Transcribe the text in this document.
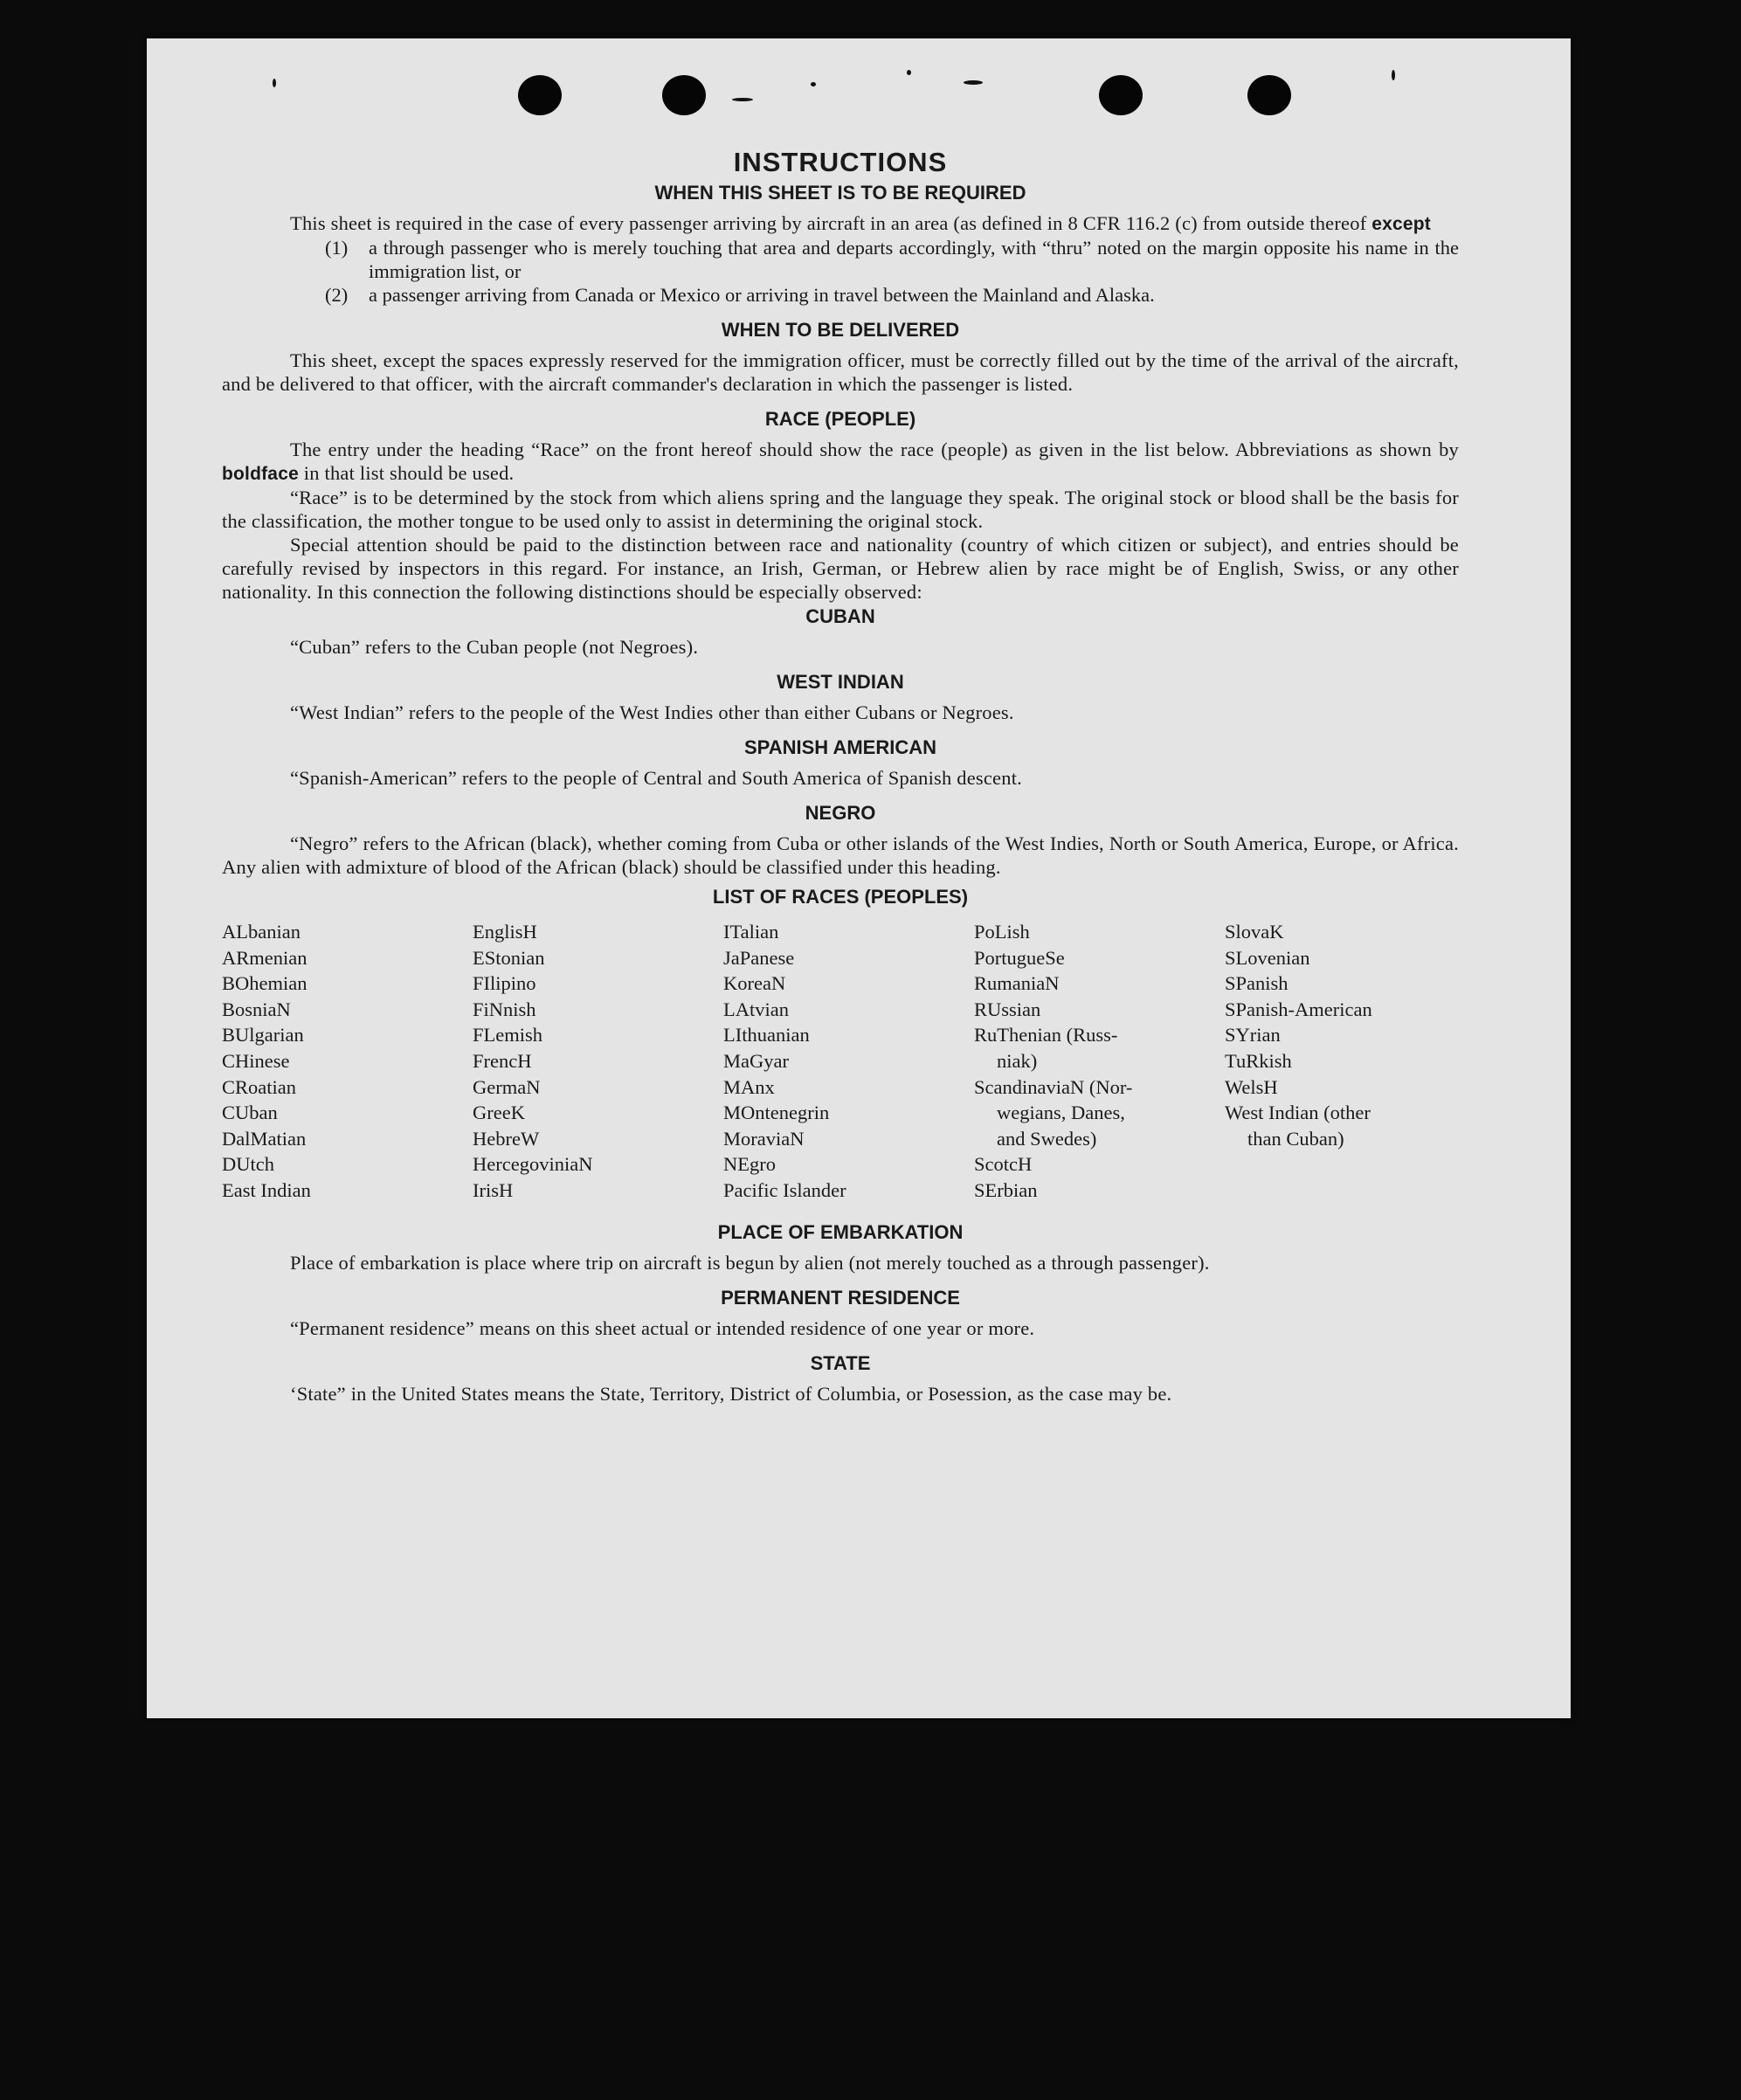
INSTRUCTIONS
WHEN THIS SHEET IS TO BE REQUIRED

This sheet is required in the case of every passenger arriving by aircraft in an area (as defined in 8 CFR 116.2 (c) from outside thereof except

(1)	a through passenger who is merely touching that area and departs accordingly, with “thru” noted on the margin opposite his name in the immigration list, or
(2)	a passenger arriving from Canada or Mexico or arriving in travel between the Mainland and Alaska.
WHEN TO BE DELIVERED

This sheet, except the spaces expressly reserved for the immigration officer, must be correctly filled out by the time of the arrival of the aircraft, and be delivered to that officer, with the aircraft commander's declaration in which the passenger is listed.

RACE (PEOPLE)

The entry under the heading “Race” on the front hereof should show the race (people) as given in the list below. Abbreviations as shown by boldface in that list should be used.

“Race” is to be determined by the stock from which aliens spring and the language they speak. The original stock or blood shall be the basis for the classification, the mother tongue to be used only to assist in determining the original stock.

Special attention should be paid to the distinction between race and nationality (country of which citizen or subject), and entries should be carefully revised by inspectors in this regard. For instance, an Irish, German, or Hebrew alien by race might be of English, Swiss, or any other nationality. In this connection the following distinctions should be especially observed:

CUBAN

“Cuban” refers to the Cuban people (not Negroes).

WEST INDIAN

“West Indian” refers to the people of the West Indies other than either Cubans or Negroes.

SPANISH AMERICAN

“Spanish-American” refers to the people of Central and South America of Spanish descent.

NEGRO

“Negro” refers to the African (black), whether coming from Cuba or other islands of the West Indies, North or South America, Europe, or Africa. Any alien with admixture of blood of the African (black) should be classified under this heading.

LIST OF RACES (PEOPLES)
ALbanian
ARmenian
BOhemian
BosniaN
BUlgarian
CHinese
CRoatian
CUban
DalMatian
DUtch
East Indian
EnglisH
EStonian
FIlipino
FiNnish
FLemish
FrencH
GermaN
GreeK
HebreW
HercegoviniaN
IrisH
ITalian
JaPanese
KoreaN
LAtvian
LIthuanian
MaGyar
MAnx
MOntenegrin
MoraviaN
NEgro
Pacific Islander
PoLish
PortugueSe
RumaniaN
RUssian
RuThenian (Russ-
niak)
ScandinaviaN (Nor-
wegians, Danes,
and Swedes)
ScotcH
SErbian
SlovaK
SLovenian
SPanish
SPanish-American
SYrian
TuRkish
WelsH
West Indian (other
than Cuban)
PLACE OF EMBARKATION

Place of embarkation is place where trip on aircraft is begun by alien (not merely touched as a through passenger).

PERMANENT RESIDENCE

“Permanent residence” means on this sheet actual or intended residence of one year or more.

STATE

‘State” in the United States means the State, Territory, District of Columbia, or Posession, as the case may be.
